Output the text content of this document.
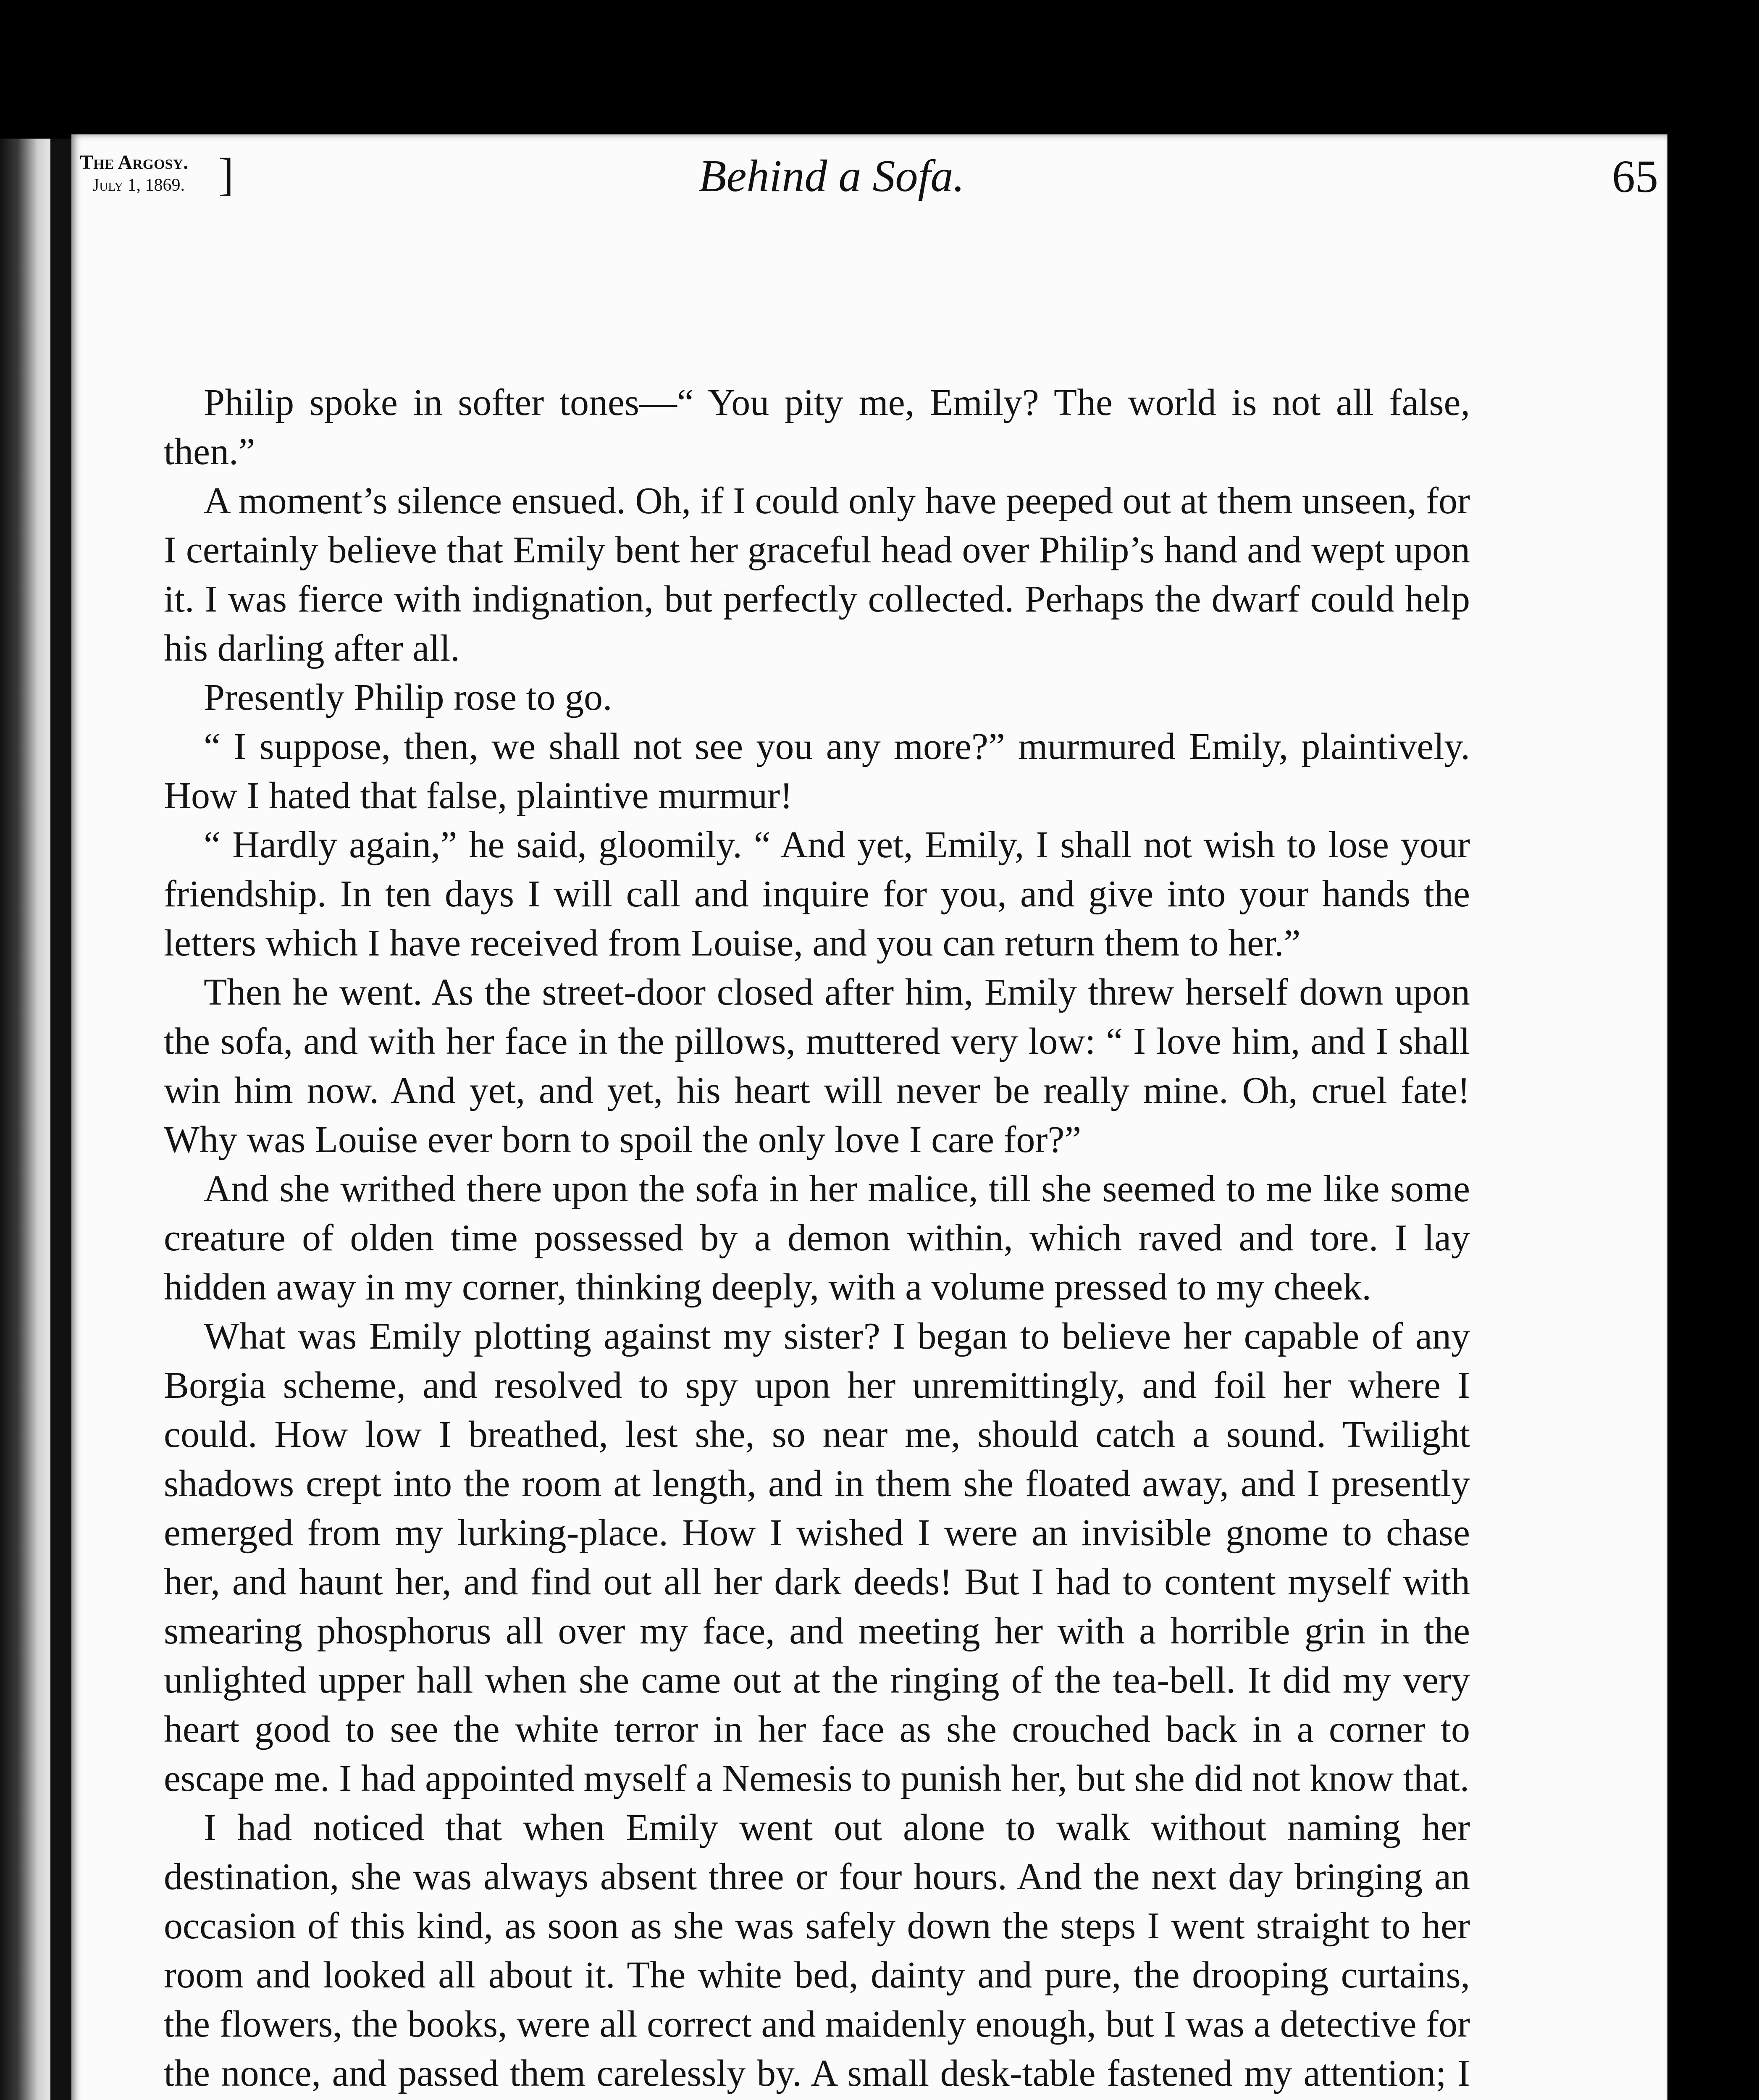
The Argosy.
July 1, 1869. ]	Behind a Sofa.	65

Philip spoke in softer tones—“ You pity me, Emily? The world is not all false, then.”

A moment’s silence ensued. Oh, if I could only have peeped out at them unseen, for I certainly believe that Emily bent her graceful head over Philip’s hand and wept upon it. I was fierce with indignation, but perfectly collected. Perhaps the dwarf could help his darling after all.

Presently Philip rose to go.

“ I suppose, then, we shall not see you any more?” murmured Emily, plaintively. How I hated that false, plaintive murmur!

“ Hardly again,” he said, gloomily. “ And yet, Emily, I shall not wish to lose your friendship. In ten days I will call and inquire for you, and give into your hands the letters which I have received from Louise, and you can return them to her.”

Then he went. As the street-door closed after him, Emily threw herself down upon the sofa, and with her face in the pillows, muttered very low: “ I love him, and I shall win him now. And yet, and yet, his heart will never be really mine. Oh, cruel fate! Why was Louise ever born to spoil the only love I care for?”

And she writhed there upon the sofa in her malice, till she seemed to me like some creature of olden time possessed by a demon within, which raved and tore. I lay hidden away in my corner, thinking deeply, with a volume pressed to my cheek.

What was Emily plotting against my sister? I began to believe her capable of any Borgia scheme, and resolved to spy upon her unremittingly, and foil her where I could. How low I breathed, lest she, so near me, should catch a sound. Twilight shadows crept into the room at length, and in them she floated away, and I presently emerged from my lurking-place. How I wished I were an invisible gnome to chase her, and haunt her, and find out all her dark deeds! But I had to content myself with smearing phosphorus all over my face, and meeting her with a horrible grin in the unlighted upper hall when she came out at the ringing of the tea-bell. It did my very heart good to see the white terror in her face as she crouched back in a corner to escape me. I had appointed myself a Nemesis to punish her, but she did not know that.

I had noticed that when Emily went out alone to walk without naming her destination, she was always absent three or four hours. And the next day bringing an occasion of this kind, as soon as she was safely down the steps I went straight to her room and looked all about it. The white bed, dainty and pure, the drooping curtains, the flowers, the books, were all correct and maidenly enough, but I was a detective for the nonce, and passed them carelessly by. A small desk-table fastened my attention; I
